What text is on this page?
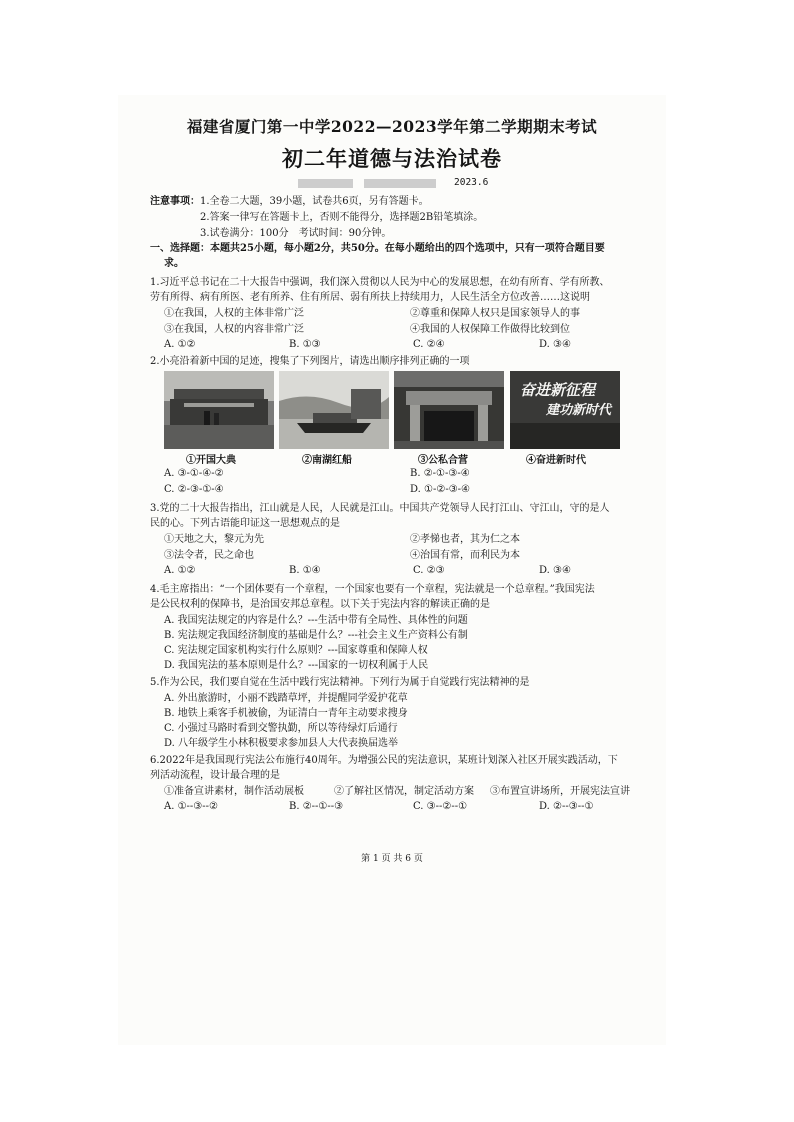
福建省厦门第一中学2022—2023学年第二学期期末考试
初二年道德与法治试卷
2023.6
注意事项： 1.全卷二大题，39小题，试卷共6页，另有答题卡。
2.答案一律写在答题卡上，否则不能得分，选择题2B铅笔填涂。
3.试卷满分：100分　考试时间：90分钟。
一、选择题：本题共25小题，每小题2分，共50分。在每小题给出的四个选项中，只有一项符合题目要
求。
1.习近平总书记在二十大报告中强调，我们深入贯彻以人民为中心的发展思想，在幼有所育、学有所教、
劳有所得、病有所医、老有所养、住有所居、弱有所扶上持续用力，人民生活全方位改善……这说明
①在我国，人权的主体非常广泛	②尊重和保障人权只是国家领导人的事
③在我国，人权的内容非常广泛	④我国的人权保障工作做得比较到位
A. ①②	B. ①③	C. ②④	D. ③④
2.小亮沿着新中国的足迹，搜集了下列图片，请选出顺序排列正确的一项
奋进新征程
建功新时代
①开国大典	②南湖红船	③公私合营	④奋进新时代
A. ③-①-④-②	B. ②-①-③-④
C. ②-③-①-④	D. ①-②-③-④
3.党的二十大报告指出，江山就是人民，人民就是江山。中国共产党领导人民打江山、守江山，守的是人
民的心。下列古语能印证这一思想观点的是
①天地之大，黎元为先	②孝悌也者，其为仁之本
③法令者，民之命也	④治国有常，而利民为本
A. ①②	B. ①④	C. ②③	D. ③④
4.毛主席指出：“一个团体要有一个章程，一个国家也要有一个章程，宪法就是一个总章程。”我国宪法
是公民权利的保障书，是治国安邦总章程。以下关于宪法内容的解读正确的是
A. 我国宪法规定的内容是什么？---生活中带有全局性、具体性的问题
B. 宪法规定我国经济制度的基础是什么？---社会主义生产资料公有制
C. 宪法规定国家机构实行什么原则？---国家尊重和保障人权
D. 我国宪法的基本原则是什么？---国家的一切权利属于人民
5.作为公民，我们要自觉在生活中践行宪法精神。下列行为属于自觉践行宪法精神的是
A. 外出旅游时，小丽不践踏草坪，并提醒同学爱护花草
B. 地铁上乘客手机被偷，为证清白一青年主动要求搜身
C. 小强过马路时看到交警执勤，所以等待绿灯后通行
D. 八年级学生小林积极要求参加县人大代表换届选举
6.2022年是我国现行宪法公布施行40周年。为增强公民的宪法意识，某班计划深入社区开展实践活动，下
列活动流程，设计最合理的是
①准备宣讲素材，制作活动展板	②了解社区情况，制定活动方案 ③布置宣讲场所，开展宪法宣讲
A. ①--③--②	B. ②--①--③	C. ③--②--①	D. ②--③--①
第 1 页 共 6 页
